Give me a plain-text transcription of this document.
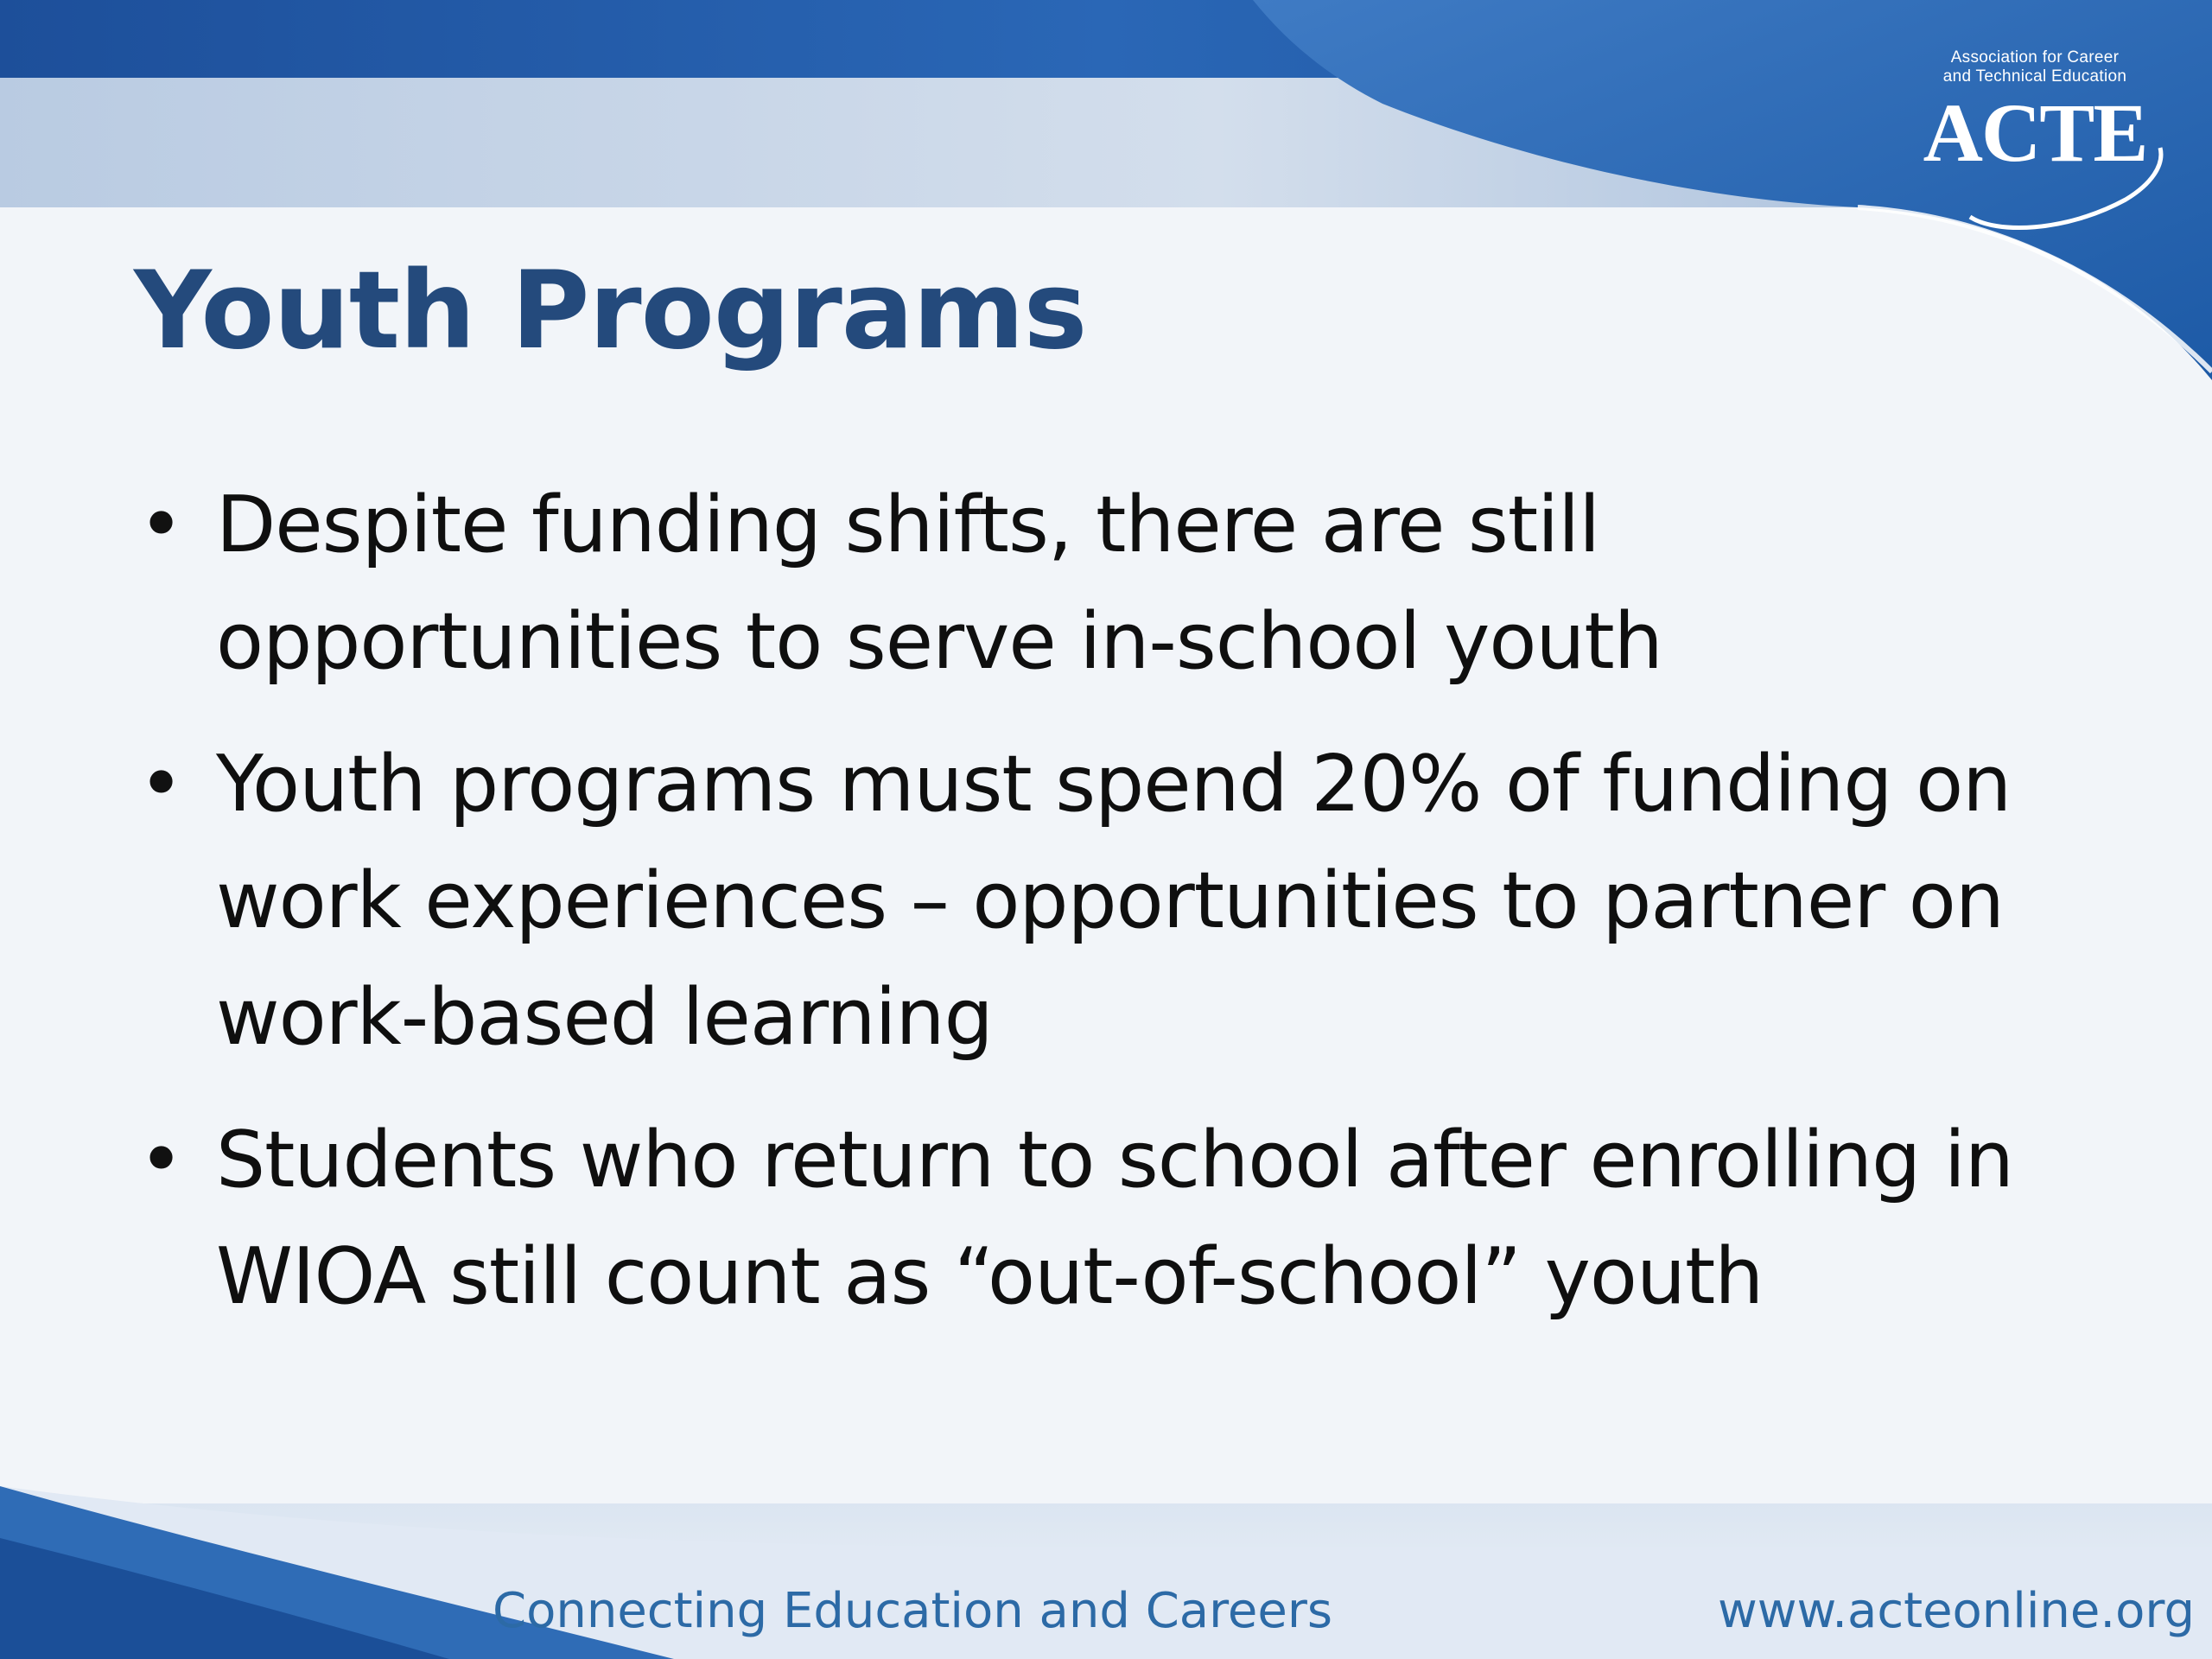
Association for Career
and Technical Education
ACTE
Youth Programs
• Despite funding shifts, there are still opportunities to serve in-school youth
• Youth programs must spend 20% of funding on work experiences – opportunities to partner on work-based learning
• Students who return to school after enrolling in WIOA still count as “out-of-school” youth
Connecting Education and Careers	www.acteonline.org
